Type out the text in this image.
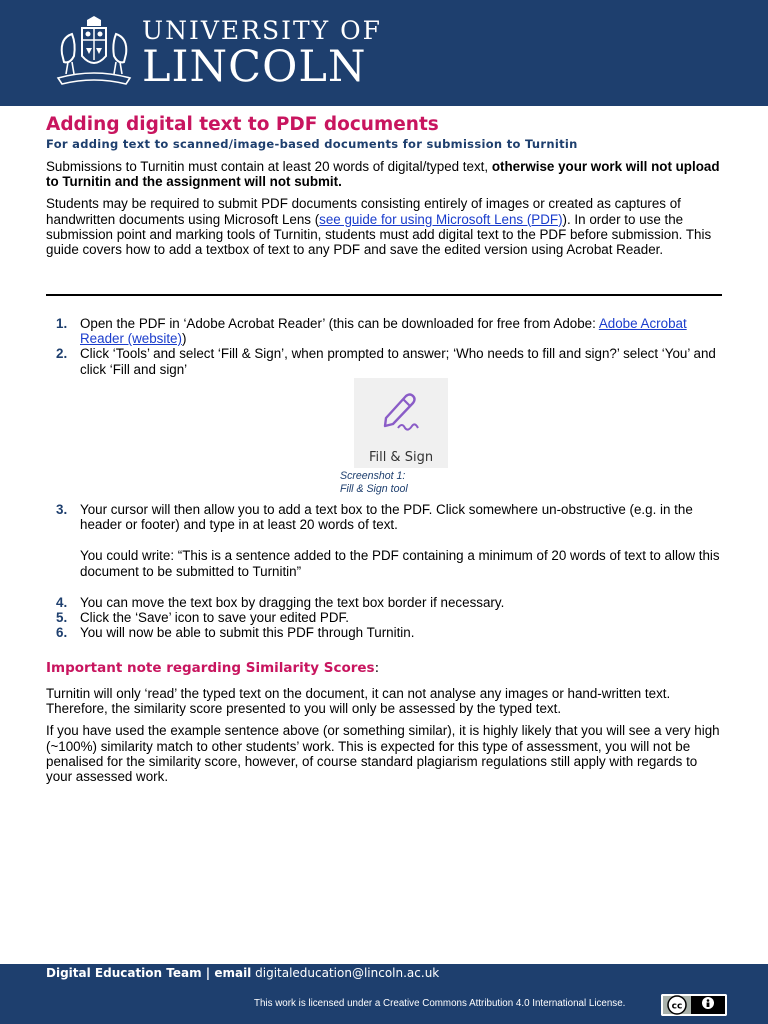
UNIVERSITY OF
LINCOLN
Adding digital text to PDF documents
For adding text to scanned/image-based documents for submission to Turnitin

Submissions to Turnitin must contain at least 20 words of digital/typed text, otherwise your work will not upload to Turnitin and the assignment will not submit.

Students may be required to submit PDF documents consisting entirely of images or created as captures of handwritten documents using Microsoft Lens (see guide for using Microsoft Lens (PDF)). In order to use the submission point and marking tools of Turnitin, students must add digital text to the PDF before submission. This guide covers how to add a textbox of text to any PDF and save the edited version using Acrobat Reader.

1. Open the PDF in ‘Adobe Acrobat Reader’ (this can be downloaded for free from Adobe: Adobe Acrobat Reader (website))
2. Click ‘Tools’ and select ‘Fill & Sign’, when prompted to answer; ‘Who needs to fill and sign?’ select ‘You’ and click ‘Fill and sign’
Fill & Sign
Screenshot 1:
Fill & Sign tool
3. Your cursor will then allow you to add a text box to the PDF. Click somewhere un-obstructive (e.g. in the header or footer) and type in at least 20 words of text.
You could write: “This is a sentence added to the PDF containing a minimum of 20 words of text to allow this document to be submitted to Turnitin”
4. You can move the text box by dragging the text box border if necessary.
5. Click the ‘Save’ icon to save your edited PDF.
6. You will now be able to submit this PDF through Turnitin.
Important note regarding Similarity Scores:

Turnitin will only ‘read’ the typed text on the document, it can not analyse any images or hand-written text. Therefore, the similarity score presented to you will only be assessed by the typed text.

If you have used the example sentence above (or something similar), it is highly likely that you will see a very high (~100%) similarity match to other students’ work. This is expected for this type of assessment, you will not be penalised for the similarity score, however, of course standard plagiarism regulations still apply with regards to your assessed work.

Digital Education Team | email digitaleducation@lincoln.ac.uk
This work is licensed under a Creative Commons Attribution 4.0 International License.	cc
